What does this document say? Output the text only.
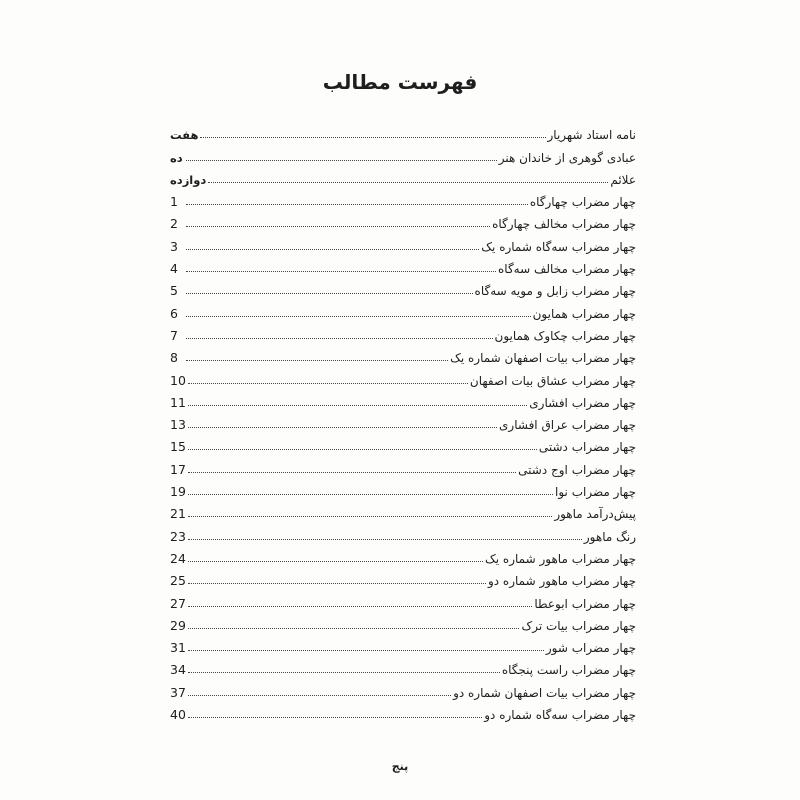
فهرست مطالب
نامه استاد شهریار
هفت
عبادی گوهری از خاندان هنر
ده
علائم
دوازده
چهار مضراب چهارگاه
1
چهار مضراب مخالف چهارگاه
2
چهار مضراب سه‌گاه شماره یک
3
چهار مضراب مخالف سه‌گاه
4
چهار مضراب زابل و مویه سه‌گاه
5
چهار مضراب همایون
6
چهار مضراب چکاوک همایون
7
چهار مضراب بیات اصفهان شماره یک
8
چهار مضراب عشاق بیات اصفهان
10
چهار مضراب افشاری
11
چهار مضراب عراق افشاری
13
چهار مضراب دشتی
15
چهار مضراب اوج دشتی
17
چهار مضراب نوا
19
پیش‌درآمد ماهور
21
رنگ ماهور
23
چهار مضراب ماهور شماره یک
24
چهار مضراب ماهور شماره دو
25
چهار مضراب ابوعطا
27
چهار مضراب بیات ترک
29
چهار مضراب شور
31
چهار مضراب راست پنجگاه
34
چهار مضراب بیات اصفهان شماره دو
37
چهار مضراب سه‌گاه شماره دو
40
پنج
